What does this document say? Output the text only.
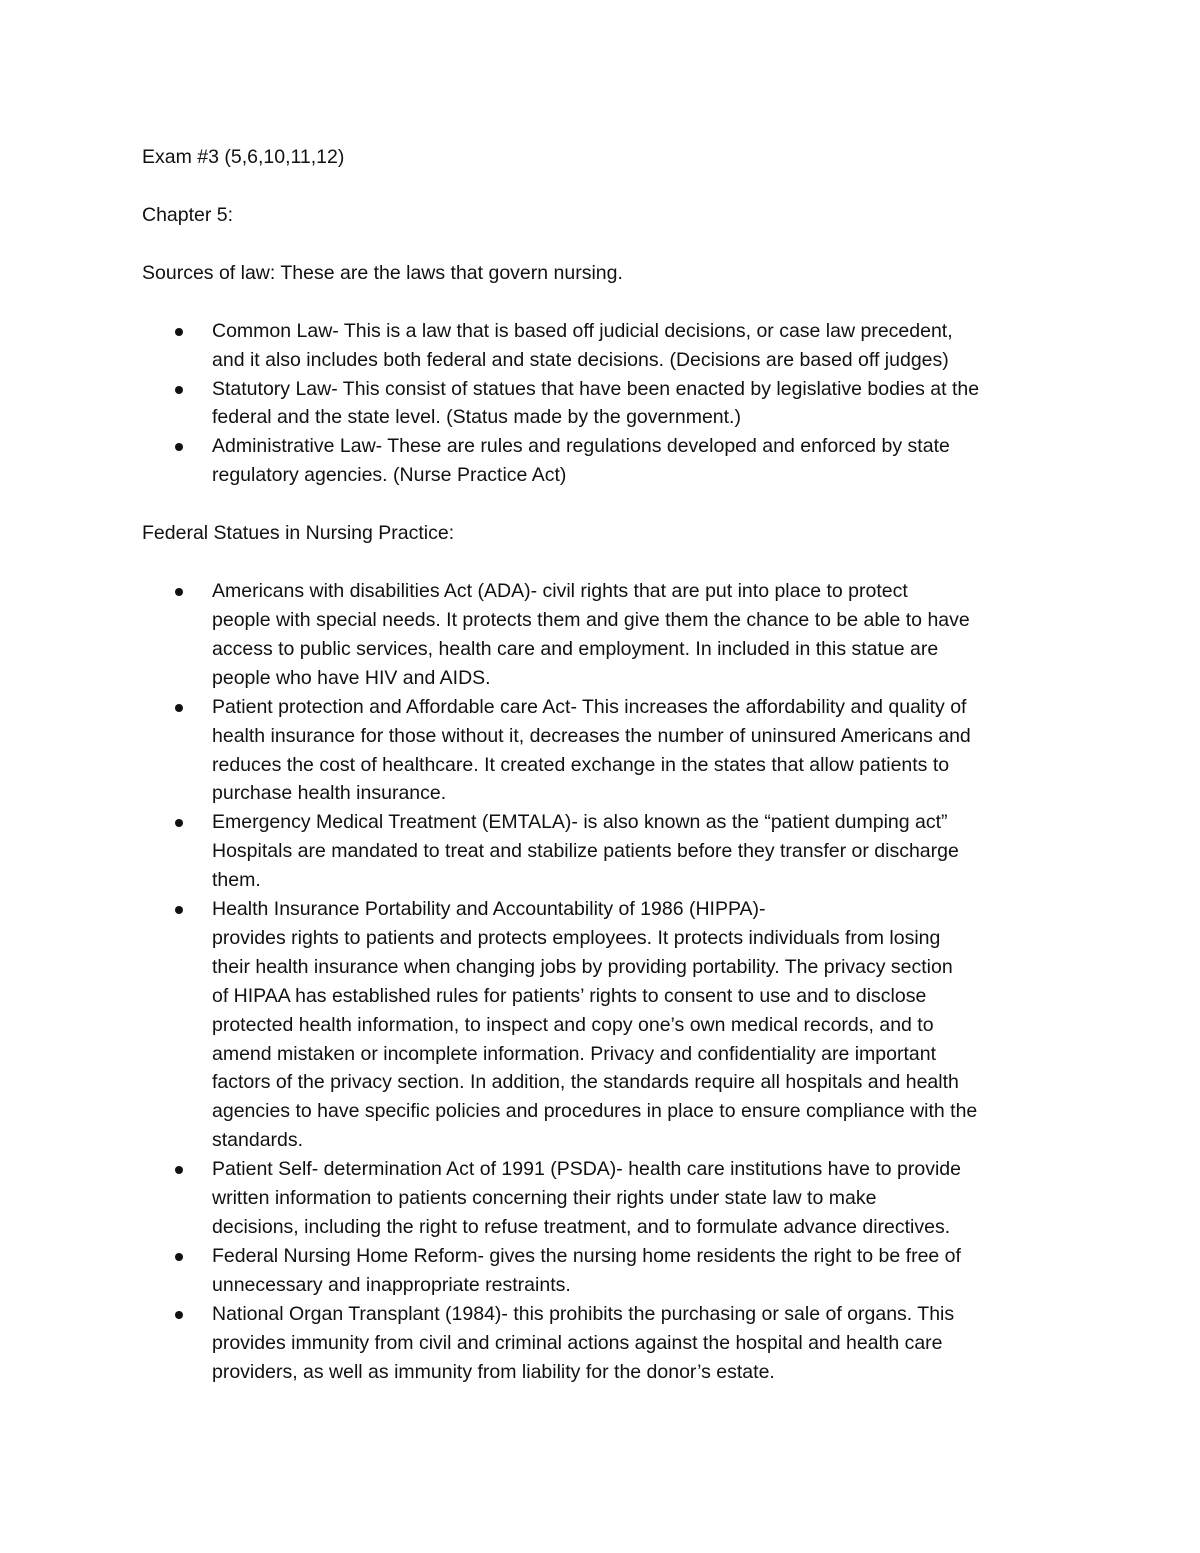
Exam #3 (5,6,10,11,12)

Chapter 5:

Sources of law: These are the laws that govern nursing.

Common Law- This is a law that is based off judicial decisions, or case law precedent,
and it also includes both federal and state decisions. (Decisions are based off judges)
Statutory Law- This consist of statues that have been enacted by legislative bodies at the
federal and the state level. (Status made by the government.)
Administrative Law- These are rules and regulations developed and enforced by state
regulatory agencies. (Nurse Practice Act)

Federal Statues in Nursing Practice:

Americans with disabilities Act (ADA)- civil rights that are put into place to protect
people with special needs. It protects them and give them the chance to be able to have
access to public services, health care and employment. In included in this statue are
people who have HIV and AIDS.
Patient protection and Affordable care Act- This increases the affordability and quality of
health insurance for those without it, decreases the number of uninsured Americans and
reduces the cost of healthcare. It created exchange in the states that allow patients to
purchase health insurance.
Emergency Medical Treatment (EMTALA)- is also known as the “patient dumping act”
Hospitals are mandated to treat and stabilize patients before they transfer or discharge
them.
Health Insurance Portability and Accountability of 1986 (HIPPA)-
provides rights to patients and protects employees. It protects individuals from losing
their health insurance when changing jobs by providing portability. The privacy section
of HIPAA has established rules for patients’ rights to consent to use and to disclose
protected health information, to inspect and copy one’s own medical records, and to
amend mistaken or incomplete information. Privacy and confidentiality are important
factors of the privacy section. In addition, the standards require all hospitals and health
agencies to have specific policies and procedures in place to ensure compliance with the
standards.
Patient Self- determination Act of 1991 (PSDA)- health care institutions have to provide
written information to patients concerning their rights under state law to make
decisions, including the right to refuse treatment, and to formulate advance directives.
Federal Nursing Home Reform- gives the nursing home residents the right to be free of
unnecessary and inappropriate restraints.
National Organ Transplant (1984)- this prohibits the purchasing or sale of organs. This
provides immunity from civil and criminal actions against the hospital and health care
providers, as well as immunity from liability for the donor’s estate.
